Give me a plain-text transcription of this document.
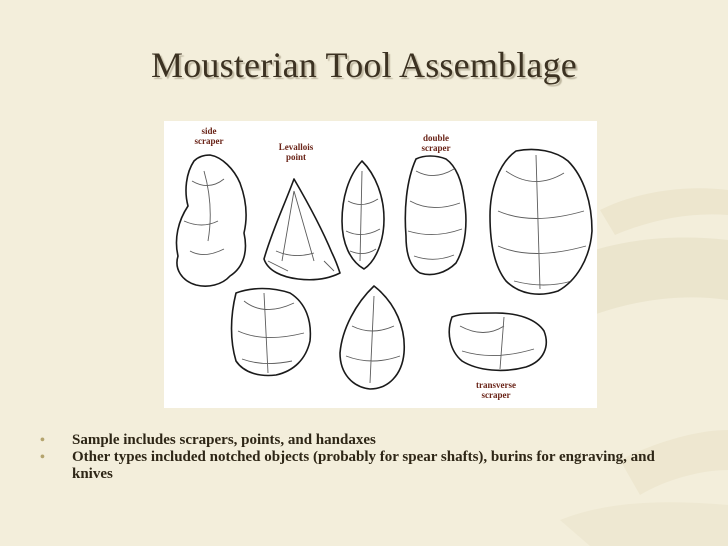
Mousterian Tool Assemblage
side
scraper
Levallois
point
double
scraper
transverse
scraper
• Sample includes scrapers, points, and handaxes
• Other types included notched objects (probably for spear shafts), burins for engraving, and knives
